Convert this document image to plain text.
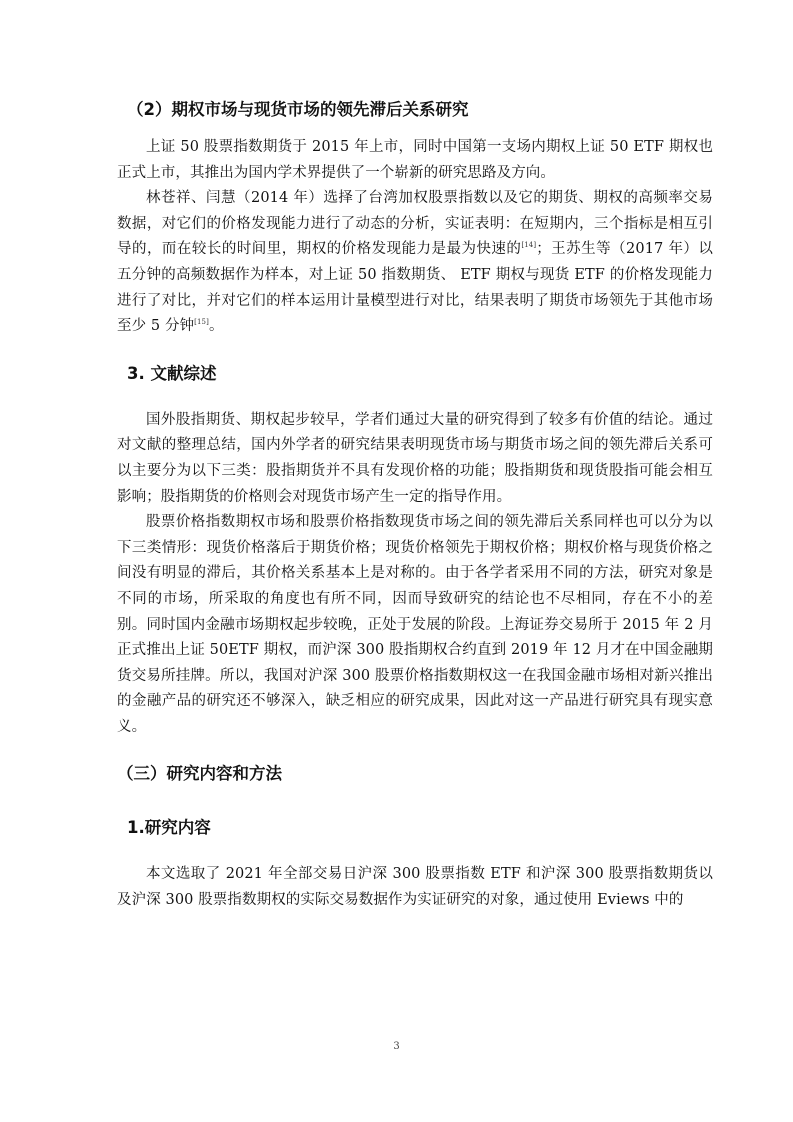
（2）期权市场与现货市场的领先滞后关系研究

上证 50 股票指数期货于 2015 年上市，同时中国第一支场内期权上证 50 ETF 期权也正式上市，其推出为国内学术界提供了一个崭新的研究思路及方向。

林苍祥、闫慧（2014 年）选择了台湾加权股票指数以及它的期货、期权的高频率交易数据，对它们的价格发现能力进行了动态的分析，实证表明：在短期内，三个指标是相互引导的，而在较长的时间里，期权的价格发现能力是最为快速的[14]；王苏生等（2017 年）以五分钟的高频数据作为样本，对上证 50 指数期货、 ETF 期权与现货 ETF 的价格发现能力进行了对比，并对它们的样本运用计量模型进行对比，结果表明了期货市场领先于其他市场至少 5 分钟[15]。

3. 文献综述

国外股指期货、期权起步较早，学者们通过大量的研究得到了较多有价值的结论。通过对文献的整理总结，国内外学者的研究结果表明现货市场与期货市场之间的领先滞后关系可以主要分为以下三类：股指期货并不具有发现价格的功能；股指期货和现货股指可能会相互影响；股指期货的价格则会对现货市场产生一定的指导作用。

股票价格指数期权市场和股票价格指数现货市场之间的领先滞后关系同样也可以分为以下三类情形：现货价格落后于期货价格；现货价格领先于期权价格；期权价格与现货价格之间没有明显的滞后，其价格关系基本上是对称的。由于各学者采用不同的方法，研究对象是不同的市场，所采取的角度也有所不同，因而导致研究的结论也不尽相同，存在不小的差别。同时国内金融市场期权起步较晚，正处于发展的阶段。上海证券交易所于 2015 年 2 月正式推出上证 50ETF 期权，而沪深 300 股指期权合约直到 2019 年 12 月才在中国金融期货交易所挂牌。所以，我国对沪深 300 股票价格指数期权这一在我国金融市场相对新兴推出的金融产品的研究还不够深入，缺乏相应的研究成果，因此对这一产品进行研究具有现实意义。

（三）研究内容和方法
1.研究内容

本文选取了 2021 年全部交易日沪深 300 股票指数 ETF 和沪深 300 股票指数期货以及沪深 300 股票指数期权的实际交易数据作为实证研究的对象，通过使用 Eviews 中的

3
